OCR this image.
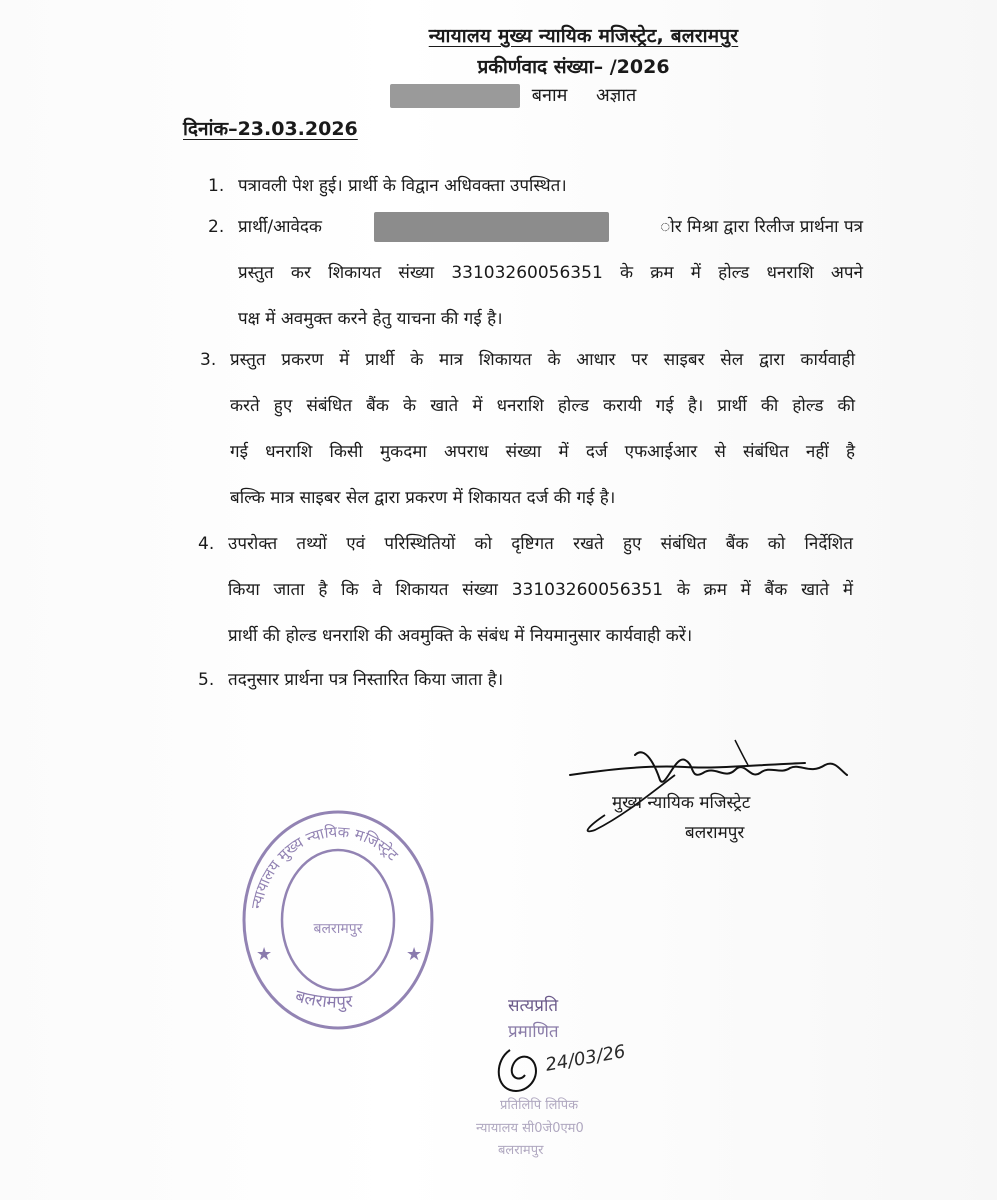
न्यायालय मुख्य न्यायिक मजिस्ट्रेट, बलरामपुर
प्रकीर्णवाद संख्या– /2026
बनाम अज्ञात
दिनांक–23.03.2026
1. पत्रावली पेश हुई। प्रार्थी के विद्वान अधिवक्ता उपस्थित।
2. प्रार्थी/आवेदक	ोर मिश्रा द्वारा रिलीज प्रार्थना पत्र
प्रस्तुत कर शिकायत संख्या 33103260056351 के क्रम में होल्ड धनराशि अपने
पक्ष में अवमुक्त करने हेतु याचना की गई है।
3. प्रस्तुत प्रकरण में प्रार्थी के मात्र शिकायत के आधार पर साइबर सेल द्वारा कार्यवाही
करते हुए संबंधित बैंक के खाते में धनराशि होल्ड करायी गई है। प्रार्थी की होल्ड की
गई धनराशि किसी मुकदमा अपराध संख्या में दर्ज एफआईआर से संबंधित नहीं है
बल्कि मात्र साइबर सेल द्वारा प्रकरण में शिकायत दर्ज की गई है।
4. उपरोक्त तथ्यों एवं परिस्थितियों को दृष्टिगत रखते हुए संबंधित बैंक को निर्देशित
किया जाता है कि वे शिकायत संख्या 33103260056351 के क्रम में बैंक खाते में
प्रार्थी की होल्ड धनराशि की अवमुक्ति के संबंध में नियमानुसार कार्यवाही करें।
5. तदनुसार प्रार्थना पत्र निस्तारित किया जाता है।
मुख्य न्यायिक मजिस्ट्रेट
बलरामपुर
★	★
न्यायालय मुख्य न्यायिक मजिस्ट्रेट
बलरामपुर
बलरामपुर	सत्यप्रति
प्रमाणित
24/03/26
प्रतिलिपि लिपिक
न्यायालय सी0जे0एम0
बलरामपुर
